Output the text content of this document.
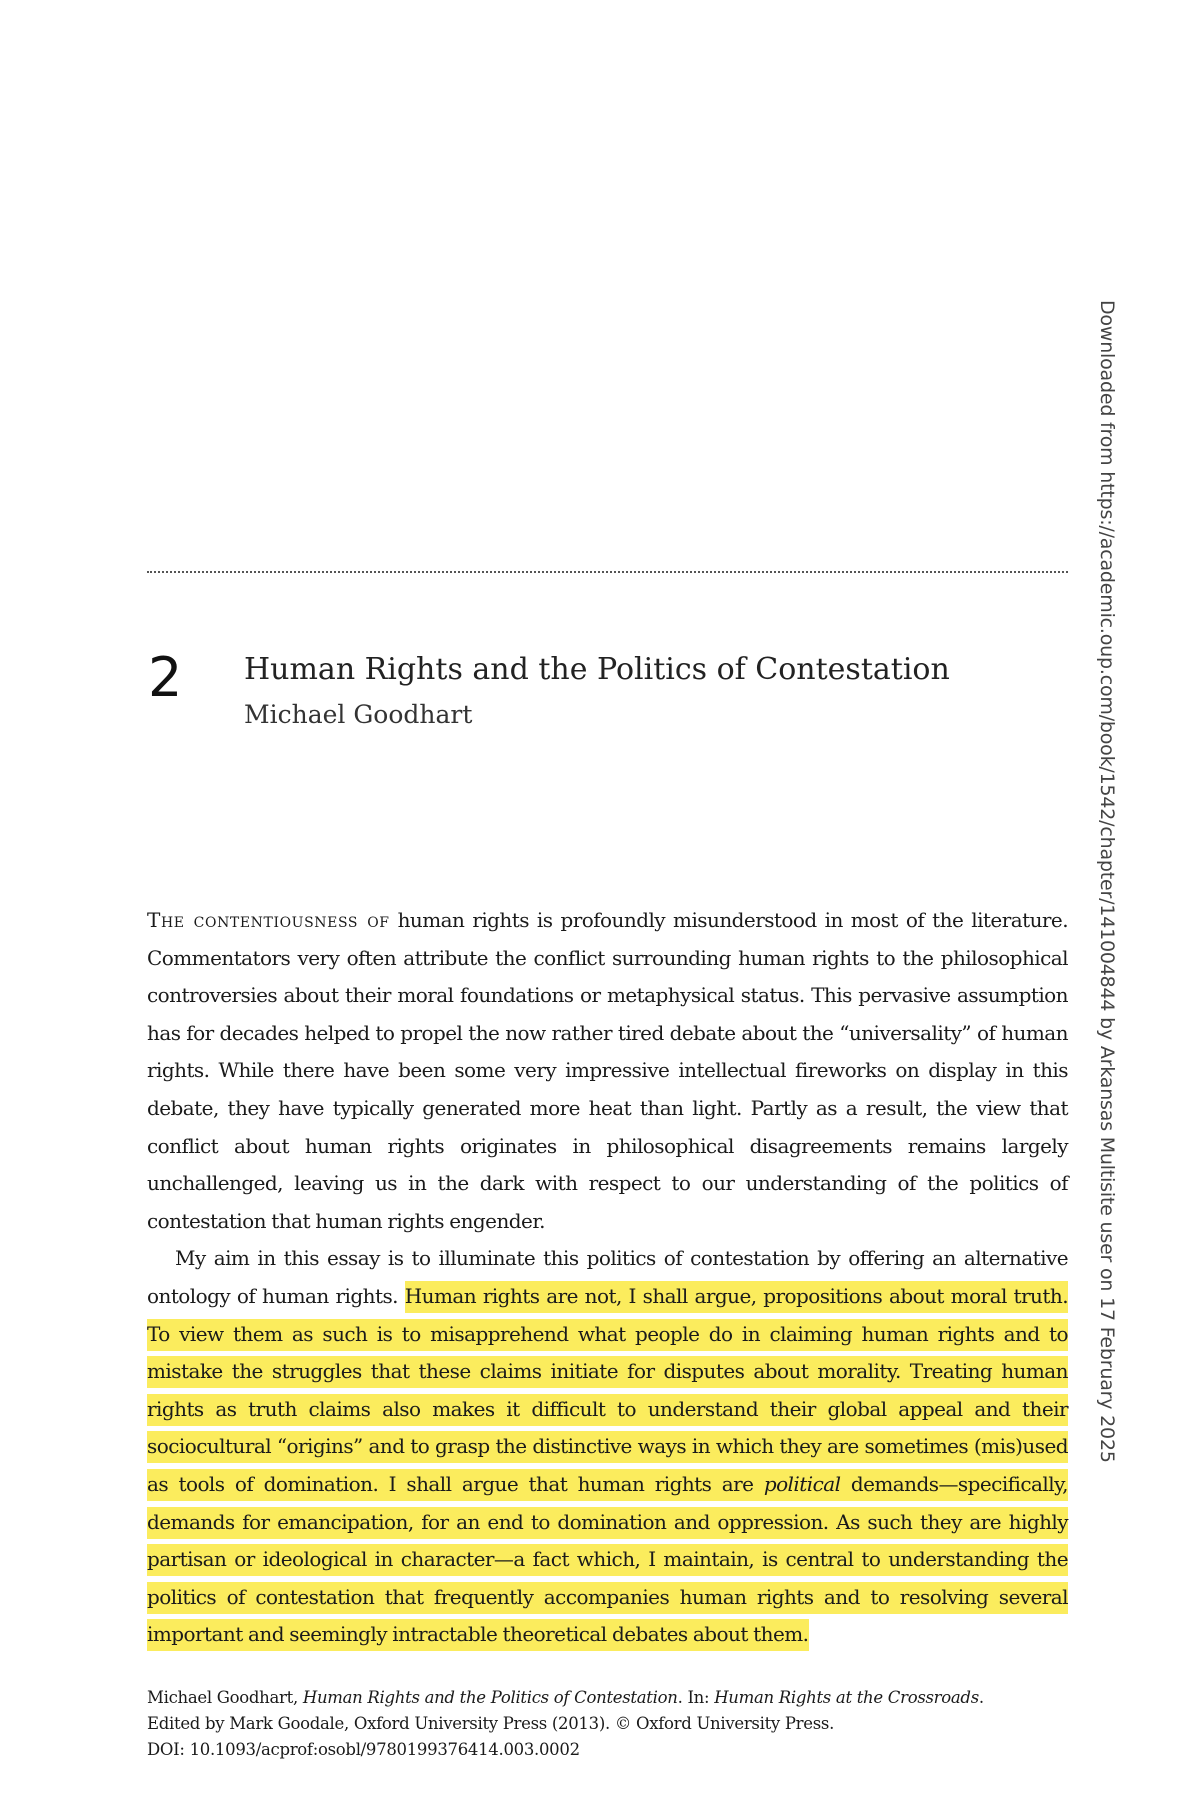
2 Human Rights and the Politics of Contestation
Michael Goodhart

The contentiousness of human rights is profoundly misunderstood in most of the literature. Commentators very often attribute the conflict surrounding human rights to the philosophical controversies about their moral foundations or metaphysical status. This pervasive assumption has for decades helped to propel the now rather tired debate about the “universality” of human rights. While there have been some very impressive intellectual fireworks on display in this debate, they have typically generated more heat than light. Partly as a result, the view that conflict about human rights originates in philosophical disagreements remains largely unchallenged, leaving us in the dark with respect to our understanding of the politics of contestation that human rights engender.

My aim in this essay is to illuminate this politics of contestation by offering an alternative ontology of human rights. Human rights are not, I shall argue, propositions about moral truth. To view them as such is to misapprehend what people do in claiming human rights and to mistake the struggles that these claims initiate for disputes about morality. Treating human rights as truth claims also makes it difficult to understand their global appeal and their sociocultural “origins” and to grasp the distinctive ways in which they are sometimes (mis)used as tools of domination. I shall argue that human rights are political demands—specifically, demands for emancipation, for an end to domination and oppression. As such they are highly partisan or ideological in character—a fact which, I maintain, is central to understanding the politics of contestation that frequently accompanies human rights and to resolving several important and seemingly intractable theoretical debates about them.

Michael Goodhart, Human Rights and the Politics of Contestation. In: Human Rights at the Crossroads.
Edited by Mark Goodale, Oxford University Press (2013). © Oxford University Press.
DOI: 10.1093/acprof:osobl/9780199376414.003.0002
Downloaded from https://academic.oup.com/book/1542/chapter/141004844 by Arkansas Multisite user on 17 February 2025
